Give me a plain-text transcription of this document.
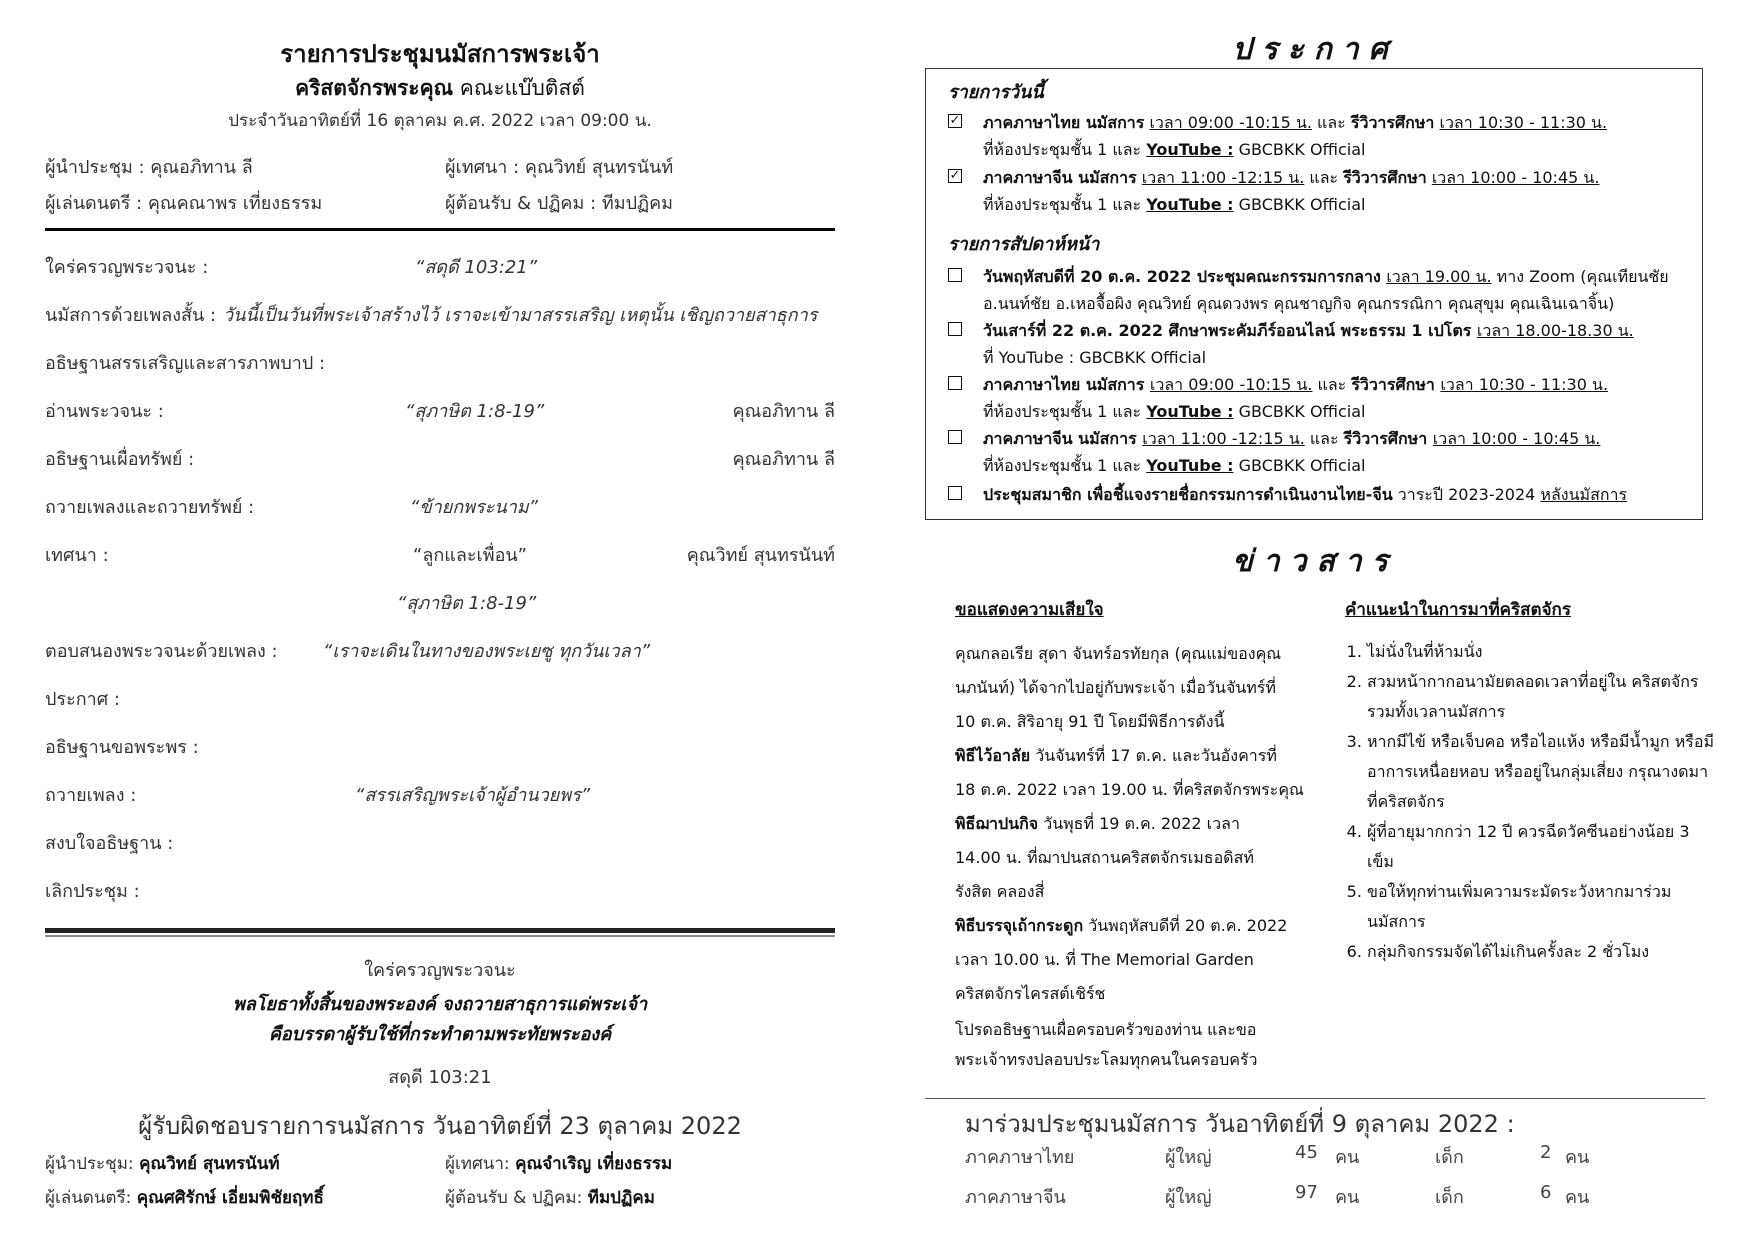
รายการประชุมนมัสการพระเจ้า
คริสตจักรพระคุณ คณะแบ๊บติสต์
ประจำวันอาทิตย์ที่ 16 ตุลาคม ค.ศ. 2022 เวลา 09:00 น.
ผู้นำประชุม : คุณอภิทาน ลี	ผู้เทศนา : คุณวิทย์ สุนทรนันท์
ผู้เล่นดนตรี : คุณคณาพร เที่ยงธรรม	ผู้ต้อนรับ & ปฏิคม : ทีมปฏิคม
ใคร่ครวญพระวจนะ :	“สดุดี 103:21”
นมัสการด้วยเพลงสั้น : วันนี้เป็นวันที่พระเจ้าสร้างไว้ เราจะเข้ามาสรรเสริญ เหตุนั้น เชิญถวายสาธุการ
อธิษฐานสรรเสริญและสารภาพบาป :
อ่านพระวจนะ :	“สุภาษิต 1:8-19”	คุณอภิทาน ลี
อธิษฐานเผื่อทรัพย์ :	คุณอภิทาน ลี
ถวายเพลงและถวายทรัพย์ :	“ข้ายกพระนาม”
เทศนา :	“ลูกและเพื่อน”	คุณวิทย์ สุนทรนันท์
“สุภาษิต 1:8-19”
ตอบสนองพระวจนะด้วยเพลง :	“เราจะเดินในทางของพระเยซู ทุกวันเวลา”
ประกาศ :
อธิษฐานขอพระพร :
ถวายเพลง :	“สรรเสริญพระเจ้าผู้อำนวยพร”
สงบใจอธิษฐาน :
เลิกประชุม :
ใคร่ครวญพระวจนะ
พลโยธาทั้งสิ้นของพระองค์ จงถวายสาธุการแด่พระเจ้า
คือบรรดาผู้รับใช้ที่กระทำตามพระทัยพระองค์
สดุดี 103:21
ผู้รับผิดชอบรายการนมัสการ วันอาทิตย์ที่ 23 ตุลาคม 2022
ผู้นำประชุม: คุณวิทย์ สุนทรนันท์	ผู้เทศนา: คุณจำเริญ เที่ยงธรรม
ผู้เล่นดนตรี: คุณศศิรักษ์ เอี่ยมพิชัยฤทธิ์	ผู้ต้อนรับ & ปฏิคม: ทีมปฏิคม
ประกาศ
รายการวันนี้
✓ ภาคภาษาไทย นมัสการ เวลา 09:00 -10:15 น. และ รีวิวารศึกษา เวลา 10:30 - 11:30 น.
ที่ห้องประชุมชั้น 1 และ YouTube : GBCBKK Official
✓ ภาคภาษาจีน นมัสการ เวลา 11:00 -12:15 น. และ รีวิวารศึกษา เวลา 10:00 - 10:45 น.
ที่ห้องประชุมชั้น 1 และ YouTube : GBCBKK Official
รายการสัปดาห์หน้า
วันพฤหัสบดีที่ 20 ต.ค. 2022 ประชุมคณะกรรมการกลาง เวลา 19.00 น. ทาง Zoom (คุณเทียนชัย
อ.นนท์ชัย อ.เหอจื้อผิง คุณวิทย์ คุณดวงพร คุณชาญกิจ คุณกรรณิกา คุณสุขุม คุณเฉินเฉาจิ้น)
วันเสาร์ที่ 22 ต.ค. 2022 ศึกษาพระคัมภีร์ออนไลน์ พระธรรม 1 เปโตร เวลา 18.00-18.30 น.
ที่ YouTube : GBCBKK Official
ภาคภาษาไทย นมัสการ เวลา 09:00 -10:15 น. และ รีวิวารศึกษา เวลา 10:30 - 11:30 น.
ที่ห้องประชุมชั้น 1 และ YouTube : GBCBKK Official
ภาคภาษาจีน นมัสการ เวลา 11:00 -12:15 น. และ รีวิวารศึกษา เวลา 10:00 - 10:45 น.
ที่ห้องประชุมชั้น 1 และ YouTube : GBCBKK Official
ประชุมสมาชิก เพื่อชี้แจงรายชื่อกรรมการดำเนินงานไทย-จีน วาระปี 2023-2024 หลังนมัสการ
ข่าวสาร
ขอแสดงความเสียใจ
คุณกลอเรีย สุดา จันทร์อรทัยกุล (คุณแม่ของคุณ
นภนันท์) ได้จากไปอยู่กับพระเจ้า เมื่อวันจันทร์ที่
10 ต.ค. สิริอายุ 91 ปี โดยมีพิธีการดังนี้
พิธีไว้อาลัย วันจันทร์ที่ 17 ต.ค. และวันอังคารที่
18 ต.ค. 2022 เวลา 19.00 น. ที่คริสตจักรพระคุณ
พิธีฌาปนกิจ วันพุธที่ 19 ต.ค. 2022 เวลา
14.00 น. ที่ฌาปนสถานคริสตจักรเมธอดิสท์
รังสิต คลองสี่
พิธีบรรจุเถ้ากระดูก วันพฤหัสบดีที่ 20 ต.ค. 2022
เวลา 10.00 น. ที่ The Memorial Garden
คริสตจักรไครสต์เชิร์ช
โปรดอธิษฐานเผื่อครอบครัวของท่าน และขอ
พระเจ้าทรงปลอบประโลมทุกคนในครอบครัว
คำแนะนำในการมาที่คริสตจักร
1. ไม่นั่งในที่ห้ามนั่ง
2. สวมหน้ากากอนามัยตลอดเวลาที่อยู่ใน คริสตจักร รวมทั้งเวลานมัสการ
3. หากมีไข้ หรือเจ็บคอ หรือไอแห้ง หรือมีน้ำมูก หรือมีอาการเหนื่อยหอบ หรืออยู่ในกลุ่มเสี่ยง กรุณางดมาที่คริสตจักร
4. ผู้ที่อายุมากกว่า 12 ปี ควรฉีดวัคซีนอย่างน้อย 3 เข็ม
5. ขอให้ทุกท่านเพิ่มความระมัดระวังหากมาร่วม นมัสการ
6. กลุ่มกิจกรรมจัดได้ไม่เกินครั้งละ 2 ชั่วโมง
มาร่วมประชุมนมัสการ วันอาทิตย์ที่ 9 ตุลาคม 2022 :
ภาคภาษาไทย	ผู้ใหญ่	45 คน	เด็ก	2 คน
ภาคภาษาจีน	ผู้ใหญ่	97 คน	เด็ก	6 คน
